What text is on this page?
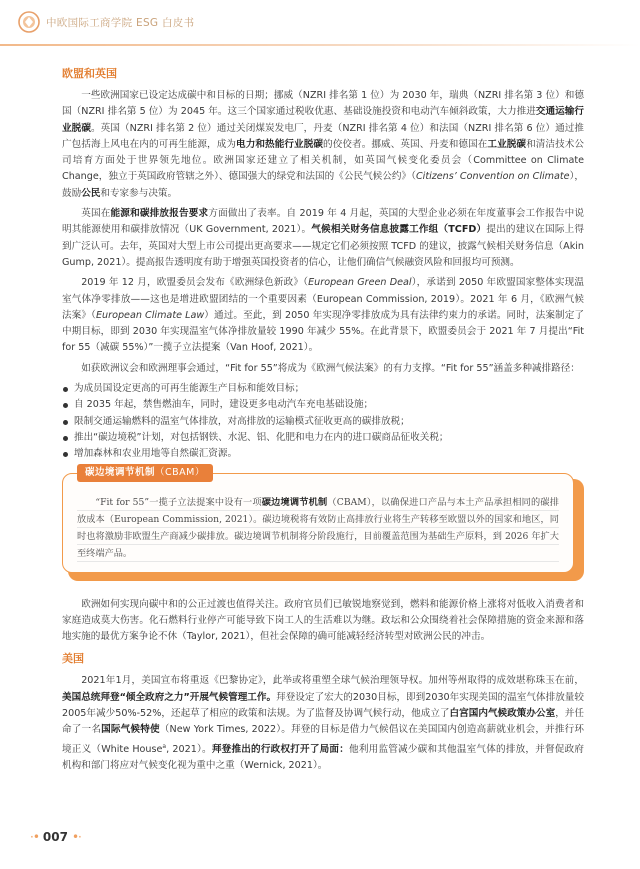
中欧国际工商学院 ESG 白皮书
欧盟和英国

一些欧洲国家已设定达成碳中和目标的日期；挪威（NZRI 排名第 1 位）为 2030 年，瑞典（NZRI 排名第 3 位）和德国（NZRI 排名第 5 位）为 2045 年。这三个国家通过税收优惠、基础设施投资和电动汽车倾斜政策，大力推进交通运输行业脱碳。英国（NZRI 排名第 2 位）通过关闭煤炭发电厂，丹麦（NZRI 排名第 4 位）和法国（NZRI 排名第 6 位）通过推广包括海上风电在内的可再生能源，成为电力和热能行业脱碳的佼佼者。挪威、英国、丹麦和德国在工业脱碳和清洁技术公司培育方面处于世界领先地位。欧洲国家还建立了相关机制，如英国气候变化委员会（Committee on Climate Change，独立于英国政府管辖之外）、德国强大的绿党和法国的《公民气候公约》（Citizens’ Convention on Climate），鼓励公民和专家参与决策。

英国在能源和碳排放报告要求方面做出了表率。自 2019 年 4 月起，英国的大型企业必须在年度董事会工作报告中说明其能源使用和碳排放情况（UK Government, 2021）。气候相关财务信息披露工作组（TCFD）提出的建议在国际上得到广泛认可。去年，英国对大型上市公司提出更高要求——规定它们必须按照 TCFD 的建议，披露气候相关财务信息（Akin Gump, 2021）。提高报告透明度有助于增强英国投资者的信心，让他们确信气候融资风险和回报均可预测。

2019 年 12 月，欧盟委员会发布《欧洲绿色新政》（European Green Deal），承诺到 2050 年欧盟国家整体实现温室气体净零排放——这也是增进欧盟团结的一个重要因素（European Commission, 2019）。2021 年 6 月，《欧洲气候法案》（European Climate Law）通过。至此，到 2050 年实现净零排放成为具有法律约束力的承诺。同时，法案制定了中期目标，即到 2030 年实现温室气体净排放量较 1990 年减少 55%。在此背景下，欧盟委员会于 2021 年 7 月提出“Fit for 55（减碳 55%）”一揽子立法提案（Van Hoof, 2021）。

如获欧洲议会和欧洲理事会通过，“Fit for 55”将成为《欧洲气候法案》的有力支撑。“Fit for 55”涵盖多种减排路径：

为成员国设定更高的可再生能源生产目标和能效目标；
自 2035 年起，禁售燃油车，同时，建设更多电动汽车充电基础设施；
限制交通运输燃料的温室气体排放，对高排放的运输模式征收更高的碳排放税；
推出“碳边境税”计划，对包括钢铁、水泥、铝、化肥和电力在内的进口碳商品征收关税；
增加森林和农业用地等自然碳汇资源。
碳边境调节机制（CBAM）
“Fit for 55”一揽子立法提案中设有一项碳边境调节机制（CBAM），以确保进口产品与本土产品承担相同的碳排放成本（European Commission, 2021）。碳边境税将有效防止高排放行业将生产转移至欧盟以外的国家和地区，同时也将激励非欧盟生产商减少碳排放。碳边境调节机制将分阶段施行，目前覆盖范围为基础生产原料，到 2026 年扩大至终端产品。

欧洲如何实现向碳中和的公正过渡也值得关注。政府官员们已敏锐地察觉到，燃料和能源价格上涨将对低收入消费者和家庭造成莫大伤害。化石燃料行业停产可能导致下岗工人的生活难以为继。政坛和公众围绕着社会保障措施的资金来源和落地实施的最优方案争论不休（Taylor, 2021），但社会保障的确可能减轻经济转型对欧洲公民的冲击。

美国

2021年1月，美国宣布将重返《巴黎协定》，此举或将重塑全球气候治理领导权。加州等州取得的成效堪称珠玉在前，美国总统拜登“倾全政府之力”开展气候管理工作。拜登设定了宏大的2030目标，即到2030年实现美国的温室气体排放量较2005年减少50%-52%，还起草了相应的政策和法规。为了监督及协调气候行动，他成立了白宫国内气候政策办公室，并任命了一名国际气候特使（New York Times, 2022）。拜登的目标是借力气候倡议在美国国内创造高薪就业机会，并推行环境正义（White House$^a$, 2021）。拜登推出的行政权打开了局面：他利用监管减少碳和其他温室气体的排放，并督促政府机构和部门将应对气候变化视为重中之重（Wernick, 2021）。

·• 007 •·
